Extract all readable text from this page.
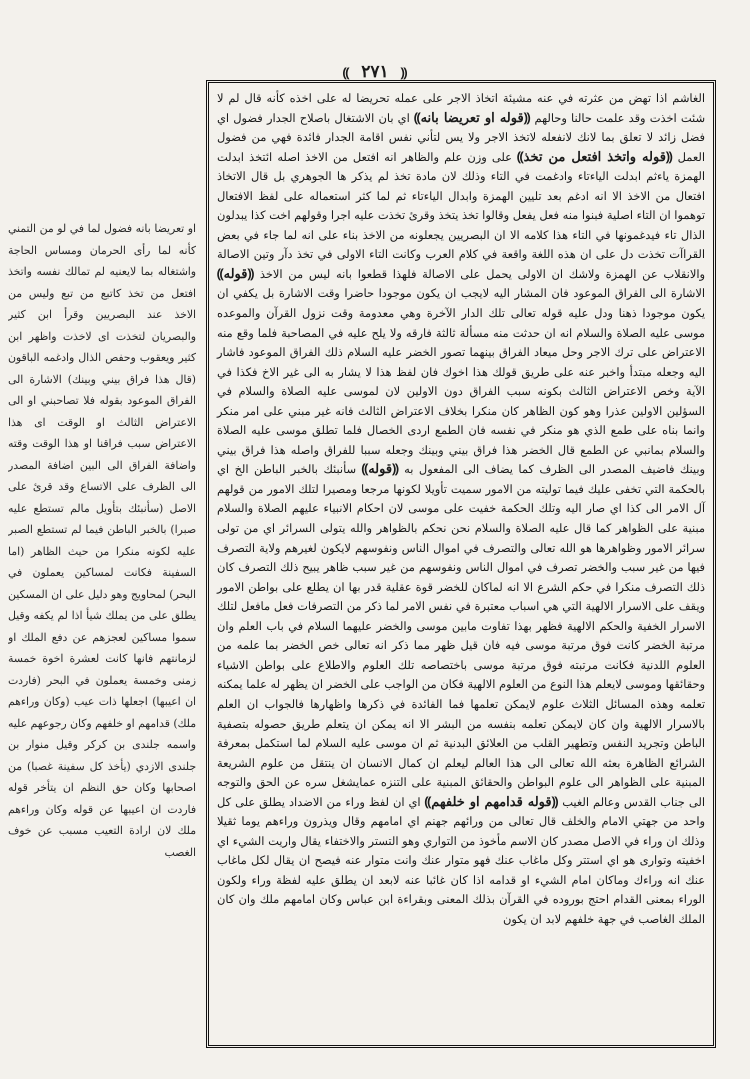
⸨ ٢٧١ ⸩

الغاشم اذا تهض من عثرته في عنه مشيئة اتخاذ الاجر على عمله تحريضا له على اخذه كأنه قال لم لا شئت اخذت وقد علمت حالنا وحالهم ⸨قوله او تعريضا بانه⸩ اي بان الاشتغال باصلاح الجدار فضول اي فضل زائد لا تعلق بما لانك لانفعله لاتخذ الاجر ولا يس لتأني نفس اقامة الجدار فائدة فهي من فضول العمل ⸨قوله واتخذ افتعل من تخذ⸩ على وزن علم والظاهر انه افتعل من الاخذ اصله ائتخذ ابدلت الهمزة ياءثم ابدلت الياءتاء وادغمت في التاء وذلك لان مادة تخذ لم يذكر ها الجوهري بل قال الاتخاذ افتعال من الاخذ الا انه ادغم بعد تليين الهمزة وابدال الياءتاء ثم لما كثر استعماله على لفظ الافتعال توهموا ان التاء اصلية فبنوا منه فعل يفعل وقالوا تخذ يتخذ وقرئ تخذت عليه اجرا وقولهم اخت كذا يبدلون الذال تاء فيدغمونها في التاء هذا كلامه الا ان البصريين يجعلونه من الاخذ بناء على انه لما جاء في بعض القراآت تخذت دل على ان هذه اللغة واقعة في كلام العرب وكانت التاء الاولى في تخذ دآر وتين الاصالة والانقلاب عن الهمزة ولاشك ان الاولى يحمل على الاصالة فلهذا قطعوا بانه ليس من الاخذ ⸨قوله⸩ الاشارة الى الفراق الموعود فان المشار اليه لايجب ان يكون موجودا حاضرا وقت الاشارة بل يكفي ان يكون موجودا ذهنا ودل عليه قوله تعالى تلك الدار الآخرة وهي معدومة وقت نزول القرآن والموعده موسى عليه الصلاة والسلام انه ان حدثت منه مسألة ثالثة فارقه ولا يلح عليه في المصاحبة فلما وقع منه الاعتراض على ترك الاجر وحل ميعاد الفراق بينهما تصور الخضر عليه السلام ذلك الفراق الموعود فاشار اليه وجعله مبتدأ واخبر عنه على طريق قولك هذا اخوك فان لفظ هذا لا يشار به الى غير الاخ فكذا في الآية وخص الاعتراض الثالث بكونه سبب الفراق دون الاولين لان لموسى عليه الصلاة والسلام في السؤلين الاولين عذرا وهو كون الظاهر كان منكرا بخلاف الاعتراض الثالث فانه غير مبني على امر منكر وانما بناه على طمع الذي هو منكر في نفسه فان الطمع اردى الخصال فلما تطلق موسى عليه الصلاة والسلام بمانبي عن الطمع قال الخضر هذا فراق بيني وبينك وجعله سببا للفراق واصله هذا فراق بيني وبينك فاضيف المصدر الى الظرف كما يضاف الى المفعول به ⸨قوله⸩ سأنبئك بالخبر الباطن الخ اي بالحكمة التي تخفى عليك فيما توليته من الامور سميت تأويلا لكونها مرجعا ومصيرا لتلك الامور من قولهم آل الامر الى كذا اي صار اليه وتلك الحكمة خفيت على موسى لان احكام الانبياء عليهم الصلاة والسلام مبنية على الظواهر كما قال عليه الصلاة والسلام نحن نحكم بالظواهر والله يتولى السرائر اي من تولى سرائر الامور وظواهرها هو الله تعالى والتصرف في اموال الناس ونفوسهم لايكون لغيرهم ولاية التصرف فيها من غير سبب والخضر تصرف في اموال الناس ونفوسهم من غير سبب ظاهر يبيح ذلك التصرف كان ذلك التصرف منكرا في حكم الشرع الا انه لماكان للخضر قوة عقلية قدر بها ان يطلع على بواطن الامور ويقف على الاسرار الالهية التي هي اسباب معتبرة في نفس الامر لما ذكر من التصرفات فعل مافعل لتلك الاسرار الخفية والحكم الالهية فظهر بهذا تفاوت مابين موسى والخضر عليهما السلام في باب العلم وان مرتبة الخضر كانت فوق مرتبة موسى فيه فان قيل ظهر مما ذكر انه تعالى خص الخضر بما علمه من العلوم اللدنية فكانت مرتبته فوق مرتبة موسى باختصاصه تلك العلوم والاطلاع على بواطن الاشياء وحقائقها وموسى لايعلم هذا النوع من العلوم الالهية فكان من الواجب على الخضر ان يظهر له علما يمكنه تعلمه وهذه المسائل الثلاث علوم لايمكن تعلمها فما الفائدة في ذكرها واظهارها فالجواب ان العلم بالاسرار الالهية وان كان لايمكن تعلمه بنفسه من البشر الا انه يمكن ان يتعلم طريق حصوله بتصفية الباطن وتجريد النفس وتطهير القلب من العلائق البدنية ثم ان موسى عليه السلام لما استكمل بمعرفة الشرائع الظاهرة بعثه الله تعالى الى هذا العالم ليعلم ان كمال الانسان ان ينتقل من علوم الشريعة المبنية على الظواهر الى علوم البواطن والحقائق المبنية على التنزه عمايشغل سره عن الحق والتوجه الى جناب القدس وعالم الغيب ⸨قوله قدامهم او خلفهم⸩ اي ان لفظ وراء من الاضداد يطلق على كل واحد من جهتي الامام والخلف قال تعالى من ورائهم جهنم اي امامهم وقال ويذرون وراءهم يوما ثقيلا وذلك ان وراء في الاصل مصدر كان الاسم مأخوذ من التواري وهو التستر والاختفاء يقال واريت الشيء اي اخفيته وتوارى هو اي استتر وكل ماغاب عنك فهو متوار عنك وانت متوار عنه فيصح ان يقال لكل ماغاب عنك انه وراءك وماكان امام الشيء او قدامه اذا كان غائبا عنه لابعد ان يطلق عليه لفظة وراء ولكون الوراء بمعنى القدام احتج بوروده في القرآن بذلك المعنى وبقراءة ابن عباس وكان امامهم ملك وان كان الملك الغاصب في جهة خلفهم لابد ان يكون

او تعريضا بانه فضول لما في لو من التمني كأنه لما رأى الحرمان ومساس الحاجة واشتغاله بما لايعنيه لم تمالك نفسه واتخذ افتعل من تخذ كاتبع من تبع وليس من الاخذ عند البصريين وقرأ ابن كثير والبصريان لتخذت اى لاخذت واظهر ابن كثير ويعقوب وحفص الذال وادغمه الباقون (قال هذا فراق بيني وبينك) الاشارة الى الفراق الموعود بقوله فلا تصاحبني او الى الاعتراض الثالث او الوقت اى هذا الاعتراض سبب فراقنا او هذا الوقت وقته واضافة الفراق الى البين اضافة المصدر الى الظرف على الاتساع وقد قرئ على الاصل (سأنبئك بتأويل مالم تستطع عليه صبرا) بالخبر الباطن فيما لم تستطع الصبر عليه لكونه منكرا من حيث الظاهر (اما السفينة فكانت لمساكين يعملون في البحر) لمحاويج وهو دليل على ان المسكين يطلق على من يملك شيأ اذا لم يكفه وقيل سموا مساكين لعجزهم عن دفع الملك او لزمانتهم فانها كانت لعشرة اخوة خمسة زمنى وخمسة يعملون في البحر (فاردت ان اعيبها) اجعلها ذات عيب (وكان وراءهم ملك) قدامهم او خلفهم وكان رجوعهم عليه واسمه جلندى بن كركر وقيل منوار بن جلندى الازدي (يأخذ كل سفينة غصبا) من اصحابها وكان حق النظم ان يتأخر قوله فاردت ان اعيبها عن قوله وكان وراءهم ملك لان ارادة التعيب مسبب عن خوف الغصب
